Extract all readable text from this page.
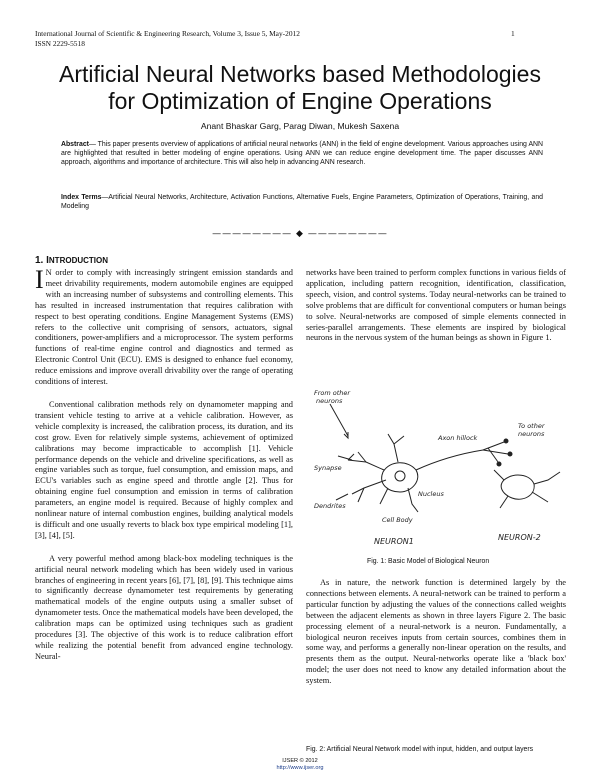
International Journal of Scientific & Engineering Research, Volume 3, Issue 5, May-2012	1
ISSN 2229-5518
Artificial Neural Networks based Methodologies
for Optimization of Engine Operations
Anant Bhaskar Garg, Parag Diwan, Mukesh Saxena
Abstract— This paper presents overview of applications of artificial neural networks (ANN) in the field of engine development. Various approaches using ANN are highlighted that resulted in better modeling of engine operations. Using ANN we can reduce engine development time. The paper discusses ANN approach, algorithms and importance of architecture. This will also help in advancing ANN research.
Index Terms—Artificial Neural Networks, Architecture, Activation Functions, Alternative Fuels, Engine Parameters, Optimization of Operations, Training, and Modeling
———————— ◆ ————————
1. INTRODUCTION

I N order to comply with increasingly stringent emission standards and meet drivability requirements, modern automobile engines are equipped with an increasing number of subsystems and controlling elements. This has resulted in increased instrumentation that requires calibration with respect to best operating conditions. Engine Management Systems (EMS) refers to the collective unit comprising of sensors, actuators, signal conditioners, power-amplifiers and a microprocessor. The system performs functions of real-time engine control and diagnostics and termed as Electronic Control Unit (ECU). EMS is designed to enhance fuel economy, reduce emissions and improve overall drivability over the range of operating conditions of interest.

Conventional calibration methods rely on dynamometer mapping and transient vehicle testing to arrive at a vehicle calibration. However, as vehicle complexity is increased, the calibration process, its duration, and its cost grow. Even for relatively simple systems, achievement of optimized calibrations may become impracticable to accomplish [1]. Vehicle performance depends on the vehicle and driveline specifications, as well as engine variables such as torque, fuel consumption, and emission maps, and ECU's variables such as engine speed and throttle angle [2]. Thus for obtaining engine fuel consumption and emission in terms of calibration parameters, an engine model is required. Because of highly complex and nonlinear nature of internal combustion engines, building analytical models is difficult and one usually reverts to black box type empirical modeling [1], [3], [4], [5].

A very powerful method among black-box modeling techniques is the artificial neural network modeling which has been widely used in various branches of engineering in recent years [6], [7], [8], [9]. This technique aims to significantly decrease dynamometer test requirements by generating mathematical models of the engine outputs using a smaller subset of dynamometer tests. Once the mathematical models have been developed, the calibration maps can be optimized using techniques such as gradient procedures [3]. The objective of this work is to reduce calibration effort while realizing the potential benefit from advanced engine technology. Neural-

networks have been trained to perform complex functions in various fields of application, including pattern recognition, identification, classification, speech, vision, and control systems. Today neural-networks can be trained to solve problems that are difficult for conventional computers or human beings to solve. Neural-networks are composed of simple elements connected in series-parallel arrangements. These elements are inspired by biological neurons in the nervous system of the human beings as shown in Figure 1.

From other
neurons
Axon hillock
To other
neurons
Synapse
Dendrites
Nucleus
Cell Body
NEURON1	NEURON-2
Fig. 1: Basic Model of Biological Neuron

As in nature, the network function is determined largely by the connections between elements. A neural-network can be trained to perform a particular function by adjusting the values of the connections called weights between the adjacent elements as shown in three layers Figure 2. The basic processing element of a neural-network is a neuron. Fundamentally, a biological neuron receives inputs from certain sources, combines them in some way, and performs a generally non-linear operation on the results, and presents them as the output. Neural-networks operate like a 'black box' model; the user does not need to know any detailed information about the system.

Fig. 2: Artificial Neural Network model with input, hidden, and output layers
IJSER © 2012
http://www.ijser.org
